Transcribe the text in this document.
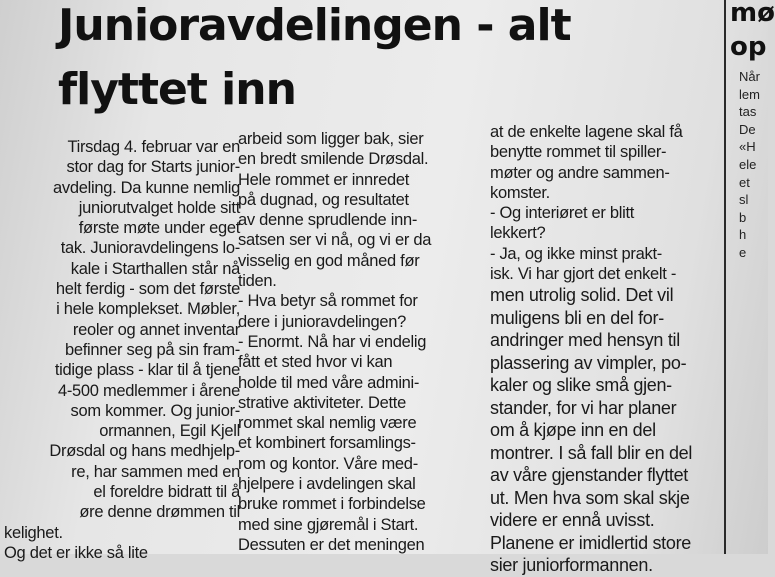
Junioravdelingen - alt
flyttet inn

Tirsdag 4. februar var en

stor dag for Starts junior-

avdeling. Da kunne nemlig

juniorutvalget holde sitt

første møte under eget

tak. Junioravdelingens lo-

kale i Starthallen står nå

helt ferdig - som det første

i hele komplekset. Møbler,

reoler og annet inventar

befinner seg på sin fram-

tidige plass - klar til å tjene

4-500 medlemmer i årene

som kommer. Og junior-

ormannen, Egil Kjell

Drøsdal og hans medhjelp-

re, har sammen med en

el foreldre bidratt til å

øre denne drømmen til

kelighet.

Og det er ikke så lite

arbeid som ligger bak, sier

en bredt smilende Drøsdal.

Hele rommet er innredet

på dugnad, og resultatet

av denne sprudlende inn-

satsen ser vi nå, og vi er da

visselig en god måned før

tiden.

- Hva betyr så rommet for

dere i junioravdelingen?

- Enormt. Nå har vi endelig

fått et sted hvor vi kan

holde til med våre admini-

strative aktiviteter. Dette

rommet skal nemlig være

et kombinert forsamlings-

rom og kontor. Våre med-

hjelpere i avdelingen skal

bruke rommet i forbindelse

med sine gjøremål i Start.

Dessuten er det meningen

at de enkelte lagene skal få

benytte rommet til spiller-

møter og andre sammen-

komster.

- Og interiøret er blitt

lekkert?

- Ja, og ikke minst prakt-

isk. Vi har gjort det enkelt -

men utrolig solid. Det vil

muligens bli en del for-

andringer med hensyn til

plassering av vimpler, po-

kaler og slike små gjen-

stander, for vi har planer

om å kjøpe inn en del

montrer. I så fall blir en del

av våre gjenstander flyttet

ut. Men hva som skal skje

videre er ennå uvisst.

Planene er imidlertid store

sier juniorformannen.

mø
op

Når

lem

tas

De

«H

ele

et

sl

b

h

e
